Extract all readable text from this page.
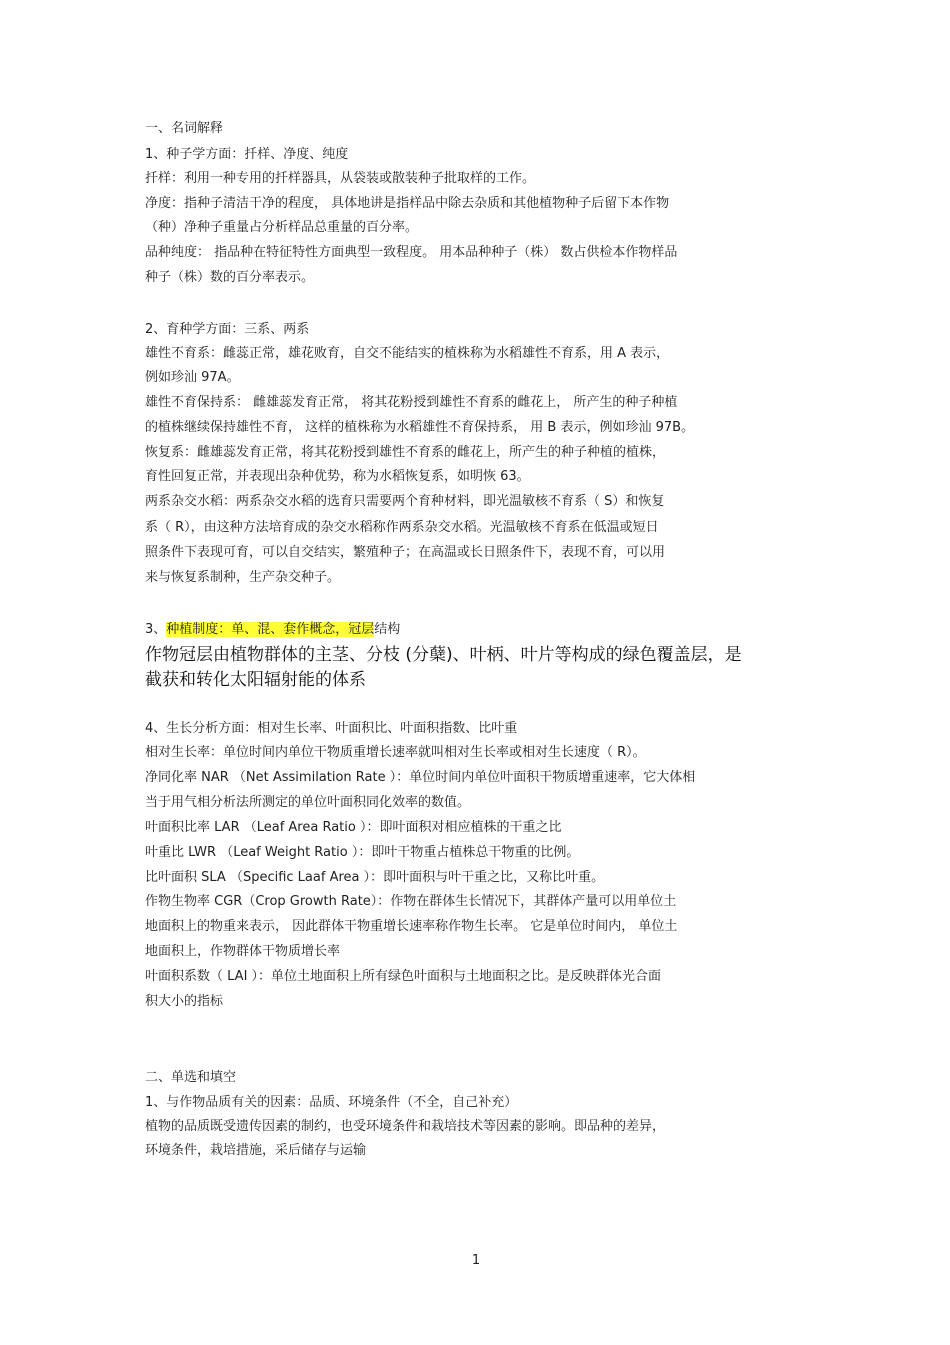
一、名词解释

1、种子学方面：扦样、净度、纯度

扦样：利用一种专用的扦样器具，从袋装或散装种子批取样的工作。

净度：指种子清洁干净的程度， 具体地讲是指样品中除去杂质和其他植物种子后留下本作物

（种）净种子重量占分析样品总重量的百分率。

品种纯度： 指品种在特征特性方面典型一致程度。 用本品种种子（株） 数占供检本作物样品

种子（株）数的百分率表示。

2、育种学方面：三系、两系

雄性不育系：雌蕊正常，雄花败育，自交不能结实的植株称为水稻雄性不育系，用 A 表示，

例如珍汕 97A。

雄性不育保持系： 雌雄蕊发育正常， 将其花粉授到雄性不育系的雌花上， 所产生的种子种植

的植株继续保持雄性不育， 这样的植株称为水稻雄性不育保持系， 用 B 表示，例如珍汕 97B。

恢复系：雌雄蕊发育正常，将其花粉授到雄性不育系的雌花上，所产生的种子种植的植株，

育性回复正常，并表现出杂种优势，称为水稻恢复系，如明恢 63。

两系杂交水稻：两系杂交水稻的选育只需要两个育种材料，即光温敏核不育系（ S）和恢复

系（ R），由这种方法培育成的杂交水稻称作两系杂交水稻。光温敏核不育系在低温或短日

照条件下表现可育，可以自交结实，繁殖种子；在高温或长日照条件下，表现不育，可以用

来与恢复系制种，生产杂交种子。

3、种植制度：单、混、套作概念，冠层结构

作物冠层由植物群体的主茎、分枝 (分蘖)、叶柄、叶片等构成的绿色覆盖层，是

截获和转化太阳辐射能的体系

4、生长分析方面：相对生长率、叶面积比、叶面积指数、比叶重

相对生长率：单位时间内单位干物质重增长速率就叫相对生长率或相对生长速度（ R）。

净同化率 NAR （Net Assimilation Rate ）：单位时间内单位叶面积干物质增重速率，它大体相

当于用气相分析法所测定的单位叶面积同化效率的数值。

叶面积比率 LAR （Leaf Area Ratio ）：即叶面积对相应植株的干重之比

叶重比 LWR （Leaf Weight Ratio ）：即叶干物重占植株总干物重的比例。

比叶面积 SLA （Specific Laaf Area ）：即叶面积与叶干重之比，又称比叶重。

作物生物率 CGR（Crop Growth Rate）：作物在群体生长情况下，其群体产量可以用单位土

地面积上的物重来表示， 因此群体干物重增长速率称作物生长率。 它是单位时间内， 单位土

地面积上，作物群体干物质增长率

叶面积系数（ LAI ）：单位土地面积上所有绿色叶面积与土地面积之比。是反映群体光合面

积大小的指标

二、单选和填空

1、与作物品质有关的因素：品质、环境条件（不全，自己补充）

植物的品质既受遗传因素的制约，也受环境条件和栽培技术等因素的影响。即品种的差异，

环境条件，栽培措施，采后储存与运输

1
